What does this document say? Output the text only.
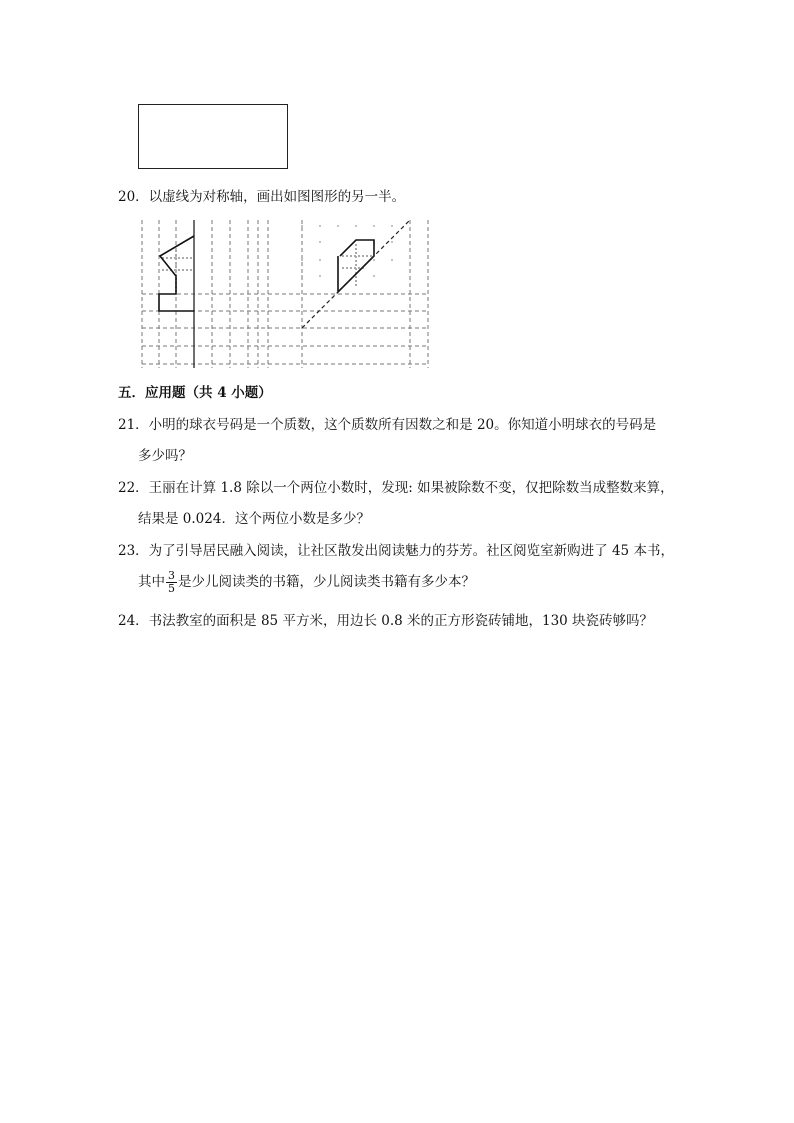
20．以虚线为对称轴，画出如图图形的另一半。
五．应用题（共 4 小题）
21．小明的球衣号码是一个质数，这个质数所有因数之和是 20。你知道小明球衣的号码是
多少吗？
22．王丽在计算 1.8 除以一个两位小数时，发现: 如果被除数不变，仅把除数当成整数来算，
结果是 0.024．这个两位小数是多少？
23．为了引导居民融入阅读，让社区散发出阅读魅力的芬芳。社区阅览室新购进了 45 本书，
其中 $\frac{3}{5}$ 是少儿阅读类的书籍，少儿阅读类书籍有多少本？
24．书法教室的面积是 85 平方米，用边长 0.8 米的正方形瓷砖铺地，130 块瓷砖够吗？
